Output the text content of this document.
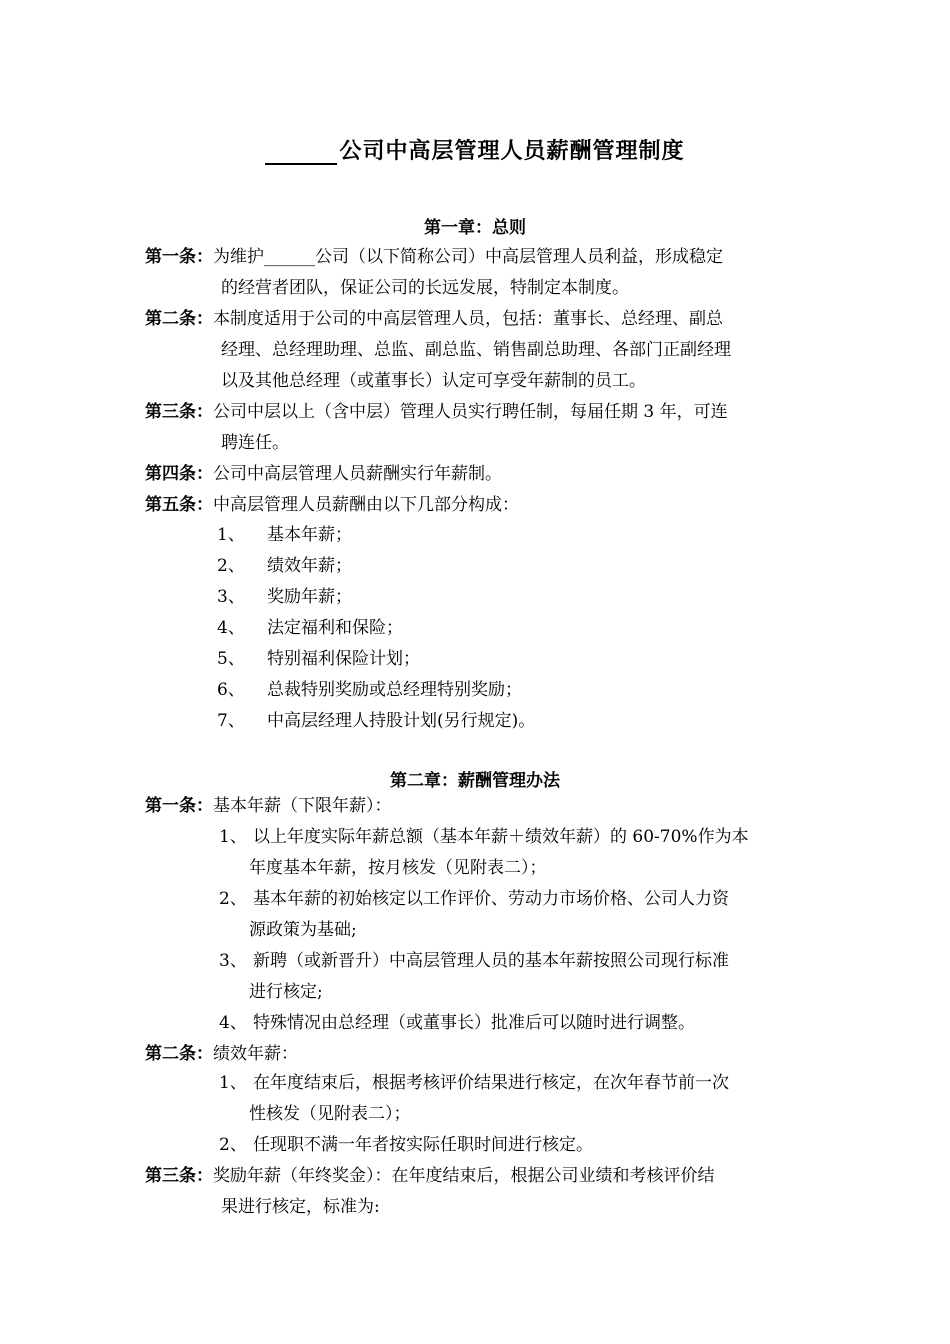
公司中高层管理人员薪酬管理制度
第一章：总则
第一条：为维护______公司（以下简称公司）中高层管理人员利益，形成稳定
的经营者团队，保证公司的长远发展，特制定本制度。
第二条：本制度适用于公司的中高层管理人员，包括：董事长、总经理、副总
经理、总经理助理、总监、副总监、销售副总助理、各部门正副经理
以及其他总经理（或董事长）认定可享受年薪制的员工。
第三条：公司中层以上（含中层）管理人员实行聘任制，每届任期 3 年，可连
聘连任。
第四条：公司中高层管理人员薪酬实行年薪制。
第五条：中高层管理人员薪酬由以下几部分构成：
1、 基本年薪；
2、 绩效年薪；
3、 奖励年薪；
4、 法定福利和保险；
5、 特别福利保险计划；
6、 总裁特别奖励或总经理特别奖励；
7、 中高层经理人持股计划(另行规定)。
第二章：薪酬管理办法
第一条：基本年薪（下限年薪）：
1、 以上年度实际年薪总额（基本年薪＋绩效年薪）的 60-70%作为本
年度基本年薪，按月核发（见附表二）；
2、 基本年薪的初始核定以工作评价、劳动力市场价格、公司人力资
源政策为基础;
3、 新聘（或新晋升）中高层管理人员的基本年薪按照公司现行标准
进行核定;
4、 特殊情况由总经理（或董事长）批准后可以随时进行调整。
第二条：绩效年薪：
1、 在年度结束后，根据考核评价结果进行核定，在次年春节前一次
性核发（见附表二）；
2、 任现职不满一年者按实际任职时间进行核定。
第三条：奖励年薪（年终奖金）：在年度结束后，根据公司业绩和考核评价结
果进行核定，标准为:
